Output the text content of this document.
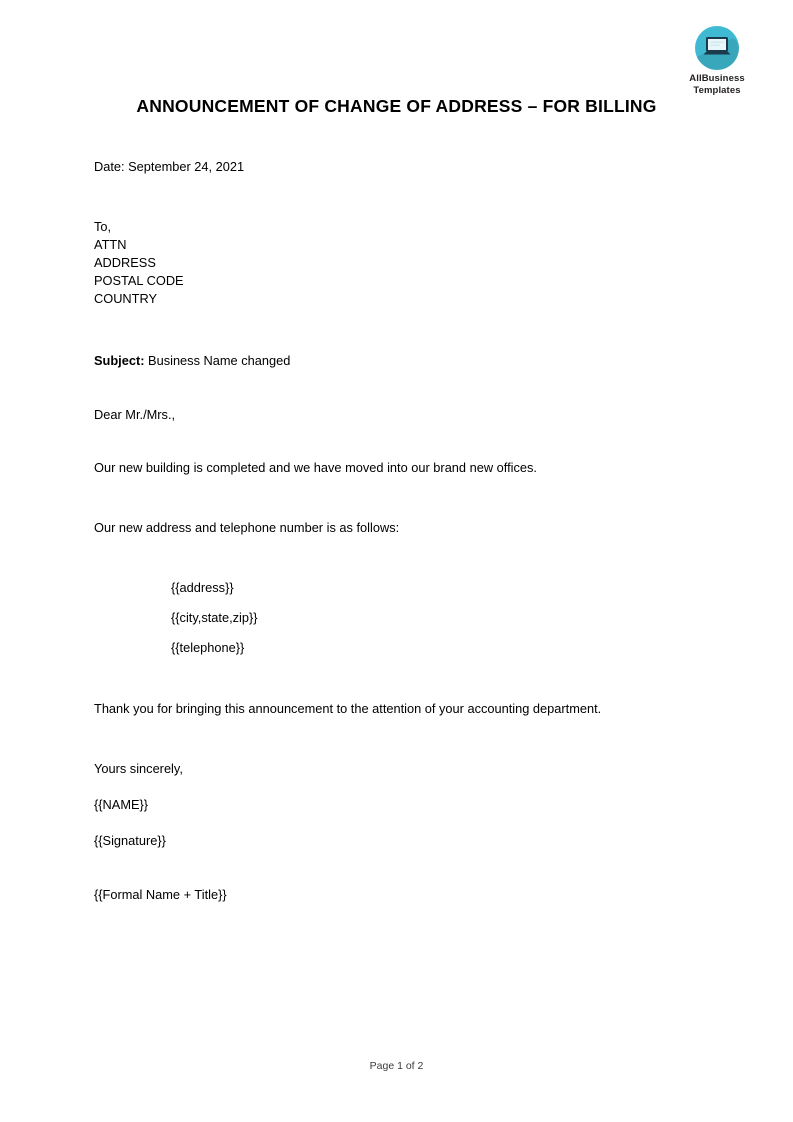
AllBusiness
Templates
ANNOUNCEMENT OF CHANGE OF ADDRESS – FOR BILLING

Date: September 24, 2021

To,

ATTN

ADDRESS

POSTAL CODE

COUNTRY

Subject: Business Name changed

Dear Mr./Mrs.,

Our new building is completed and we have moved into our brand new offices.

Our new address and telephone number is as follows:

{{address}}

{{city,state,zip}}

{{telephone}}

Thank you for bringing this announcement to the attention of your accounting department.

Yours sincerely,

{{NAME}}

{{Signature}}

{{Formal Name + Title}}

Page 1 of 2
